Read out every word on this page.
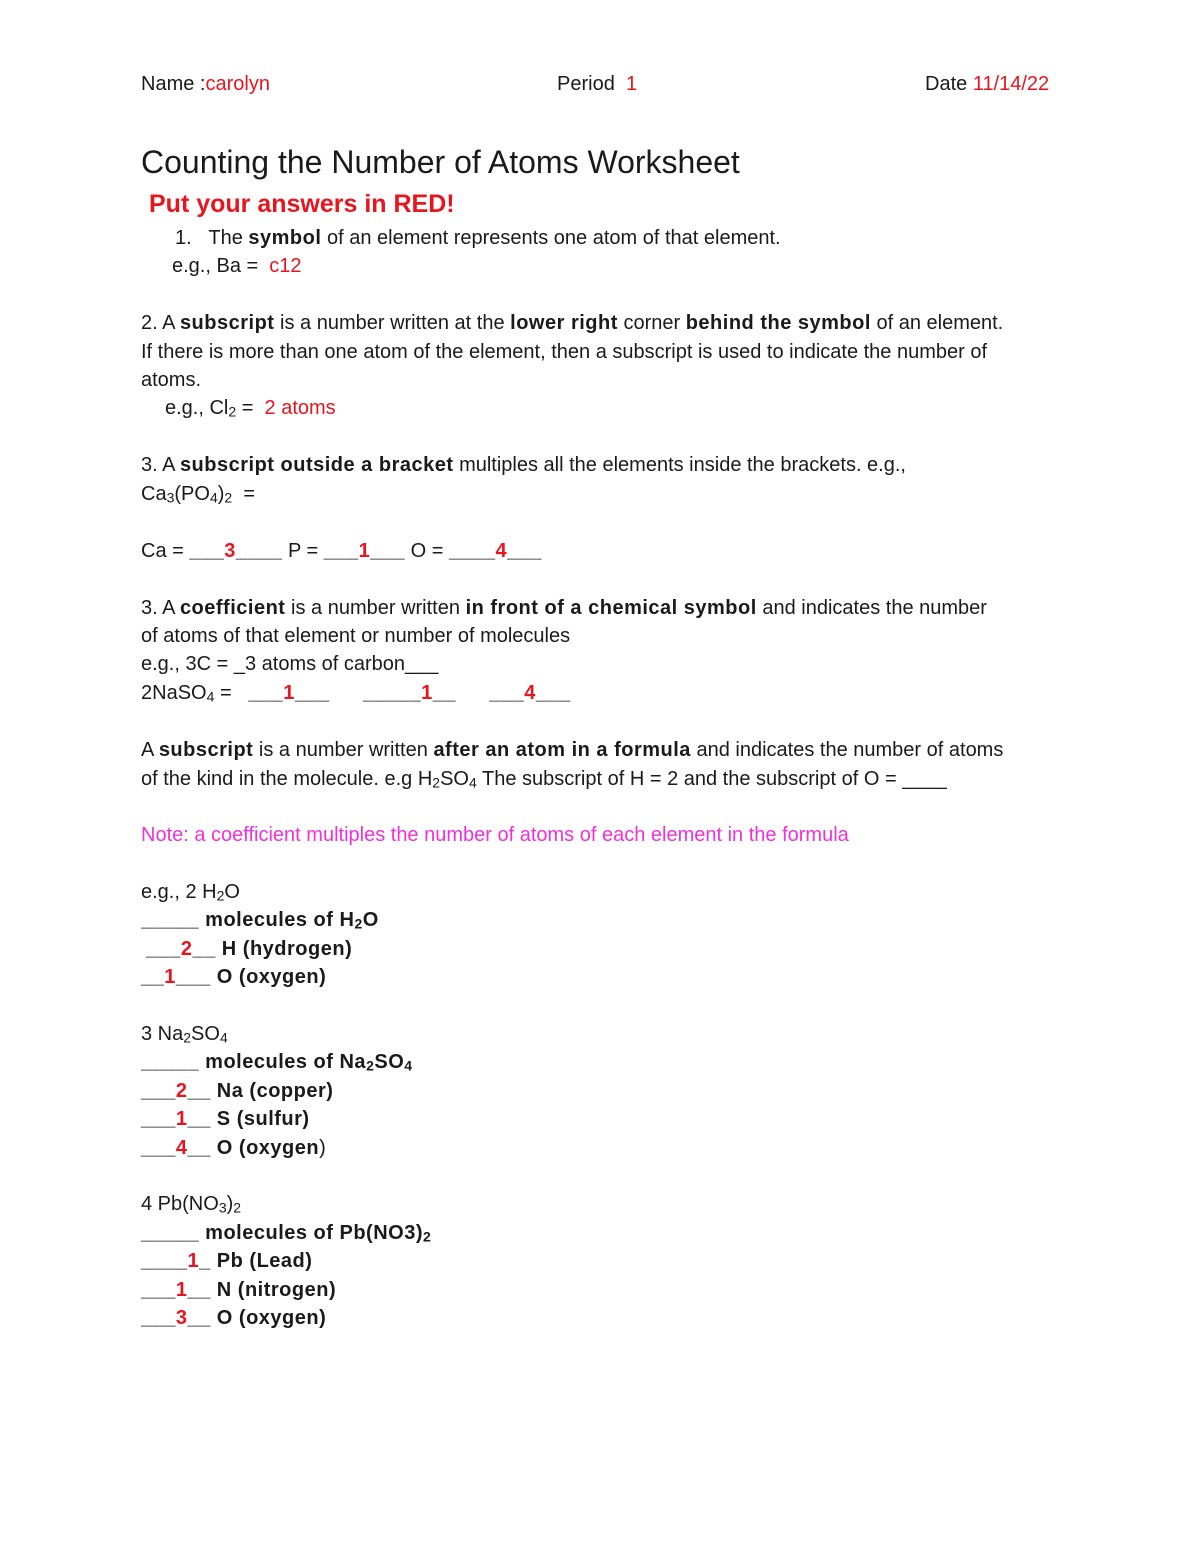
Name :carolyn	Period 1	Date 11/14/22
Counting the Number of Atoms Worksheet
Put your answers in RED!
1. The symbol of an element represents one atom of that element.
e.g., Ba = c12
2. A subscript is a number written at the lower right corner behind the symbol of an element.
If there is more than one atom of the element, then a subscript is used to indicate the number of
atoms.
e.g., $Cl_2 = 2$ atoms
3. A subscript outside a bracket multiples all the elements inside the brackets. e.g.,
$Ca_3(PO_4)_2$ =
Ca = ___3____ P = ___1___ O = ____4___
3. A coefficient is a number written in front of a chemical symbol and indicates the number
of atoms of that element or number of molecules
e.g., 3C = _3 atoms of carbon___
2NaSO$_4$ = ___1___ _____1__ ___4___
A subscript is a number written after an atom in a formula and indicates the number of atoms
of the kind in the molecule. e.g $H_2SO_4$ The subscript of H = 2 and the subscript of O = ____
Note: a coefficient multiples the number of atoms of each element in the formula
e.g., 2 $H_2O$
_____ molecules of $H_2O$
___2__ H (hydrogen)
__1___ O (oxygen)
3 $Na_2SO_4$
_____ molecules of $Na_2SO_4$
___2__ Na (copper)
___1__ S (sulfur)
___4__ O (oxygen)
4 $Pb(NO_3)_2$
_____ molecules of $Pb(NO3)_2$
____1_ Pb (Lead)
___1__ N (nitrogen)
___3__ O (oxygen)
